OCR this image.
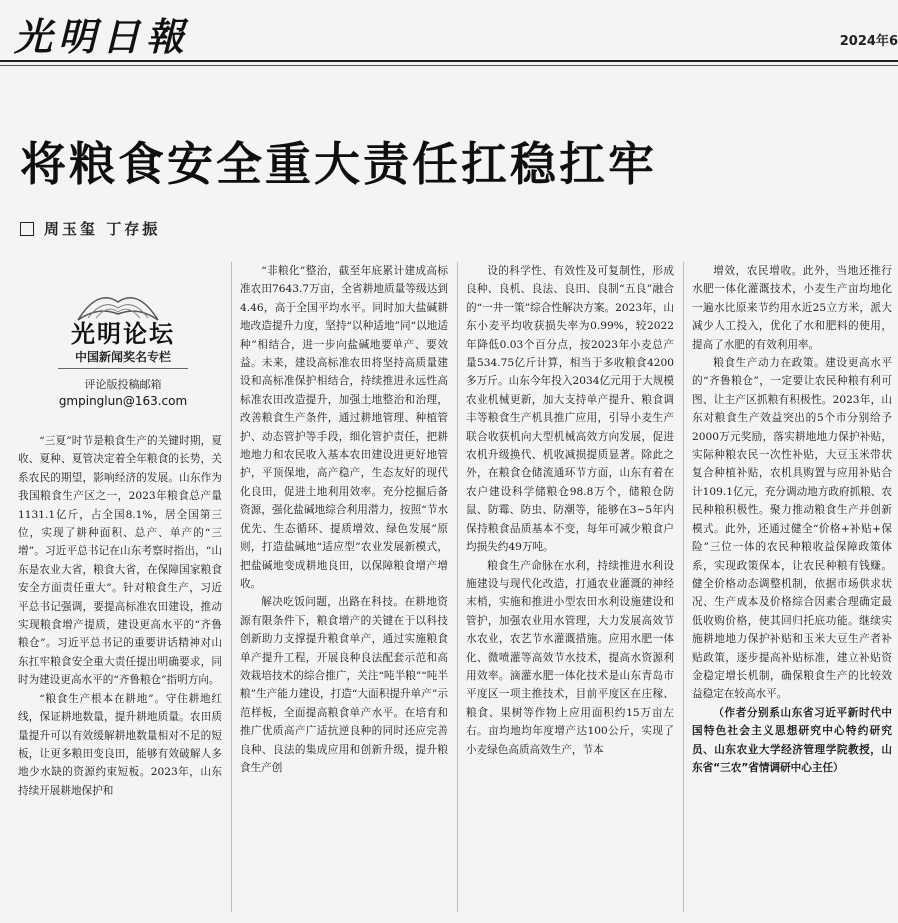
光明日報	2024年6
将粮食安全重大责任扛稳扛牢
周玉玺 丁存振
光明论坛
中国新闻奖名专栏
评论版投稿邮箱
gmpinglun@163.com

“三夏”时节是粮食生产的关键时期，夏收、夏种、夏管决定着全年粮食的长势，关系农民的期望，影响经济的发展。山东作为我国粮食生产区之一，2023年粮食总产量1131.1亿斤，占全国8.1%，居全国第三位，实现了耕种面积、总产、单产的“三增”。习近平总书记在山东考察时指出，“山东是农业大省，粮食大省，在保障国家粮食安全方面责任重大”。针对粮食生产，习近平总书记强调，要提高标准农田建设，推动实现粮食增产提质，建设更高水平的“齐鲁粮仓”。习近平总书记的重要讲话精神对山东扛牢粮食安全重大责任提出明确要求，同时为建设更高水平的“齐鲁粮仓”指明方向。

“粮食生产根本在耕地”。守住耕地红线，保证耕地数量，提升耕地质量。农田质量提升可以有效缓解耕地数量相对不足的短板，让更多粮田变良田，能够有效破解人多地少水缺的资源约束短板。2023年，山东持续开展耕地保护和

“非粮化”整治，截至年底累计建成高标准农田7643.7万亩，全省耕地质量等级达到4.46，高于全国平均水平。同时加大盐碱耕地改造提升力度，坚持“以种适地”同“以地适种”相结合，进一步向盐碱地要单产、要效益。未来，建设高标准农田将坚持高质量建设和高标准保护相结合，持续推进永远性高标准农田改造提升，加强土地整治和治理，改善粮食生产条件，通过耕地管理、种植管护、动态管护等手段，细化管护责任，把耕地地力和农民收入基本农田建设进更好地管护，平顶保地，高产稳产，生态友好的现代化良田，促进土地利用效率。充分挖掘后备资源，强化盐碱地综合利用潜力，按照“节水优先、生态循环、提质增效、绿色发展”原则，打造盐碱地“适应型”农业发展新模式，把盐碱地变成耕地良田，以保障粮食增产增收。

解决吃饭问题，出路在科技。在耕地资源有限条件下，粮食增产的关键在于以科技创新助力支撑提升粮食单产，通过实施粮食单产提升工程，开展良种良法配套示范和高效栽培技术的综合推广，关注“吨半粮”“吨半粮”生产能力建设，打造“大面积提升单产”示范样板，全面提高粮食单产水平。在培育和推广优质高产广适抗逆良种的同时还应完善良种、良法的集成应用和创新升级，提升粮食生产创

设的科学性、有效性及可复制性，形成良种、良机、良法、良田、良制“五良”融合的“一井一策”综合性解决方案。2023年，山东小麦平均收获损失率为0.99%，较2022年降低0.03个百分点，按2023年小麦总产量534.75亿斤计算，相当于多收粮食4200多万斤。山东今年投入2034亿元用于大规模农业机械更新，加大支持单产提升、粮食调丰等粮食生产机具推广应用，引导小麦生产联合收获机向大型机械高效方向发展，促进农机升级换代、机收减损提质显著。除此之外，在粮食仓储流通环节方面，山东有着在农户建设科学储粮仓98.8万个，储粮仓防鼠、防霉、防虫、防潮等，能够在3~5年内保持粮食品质基本不变，每年可减少粮食户均损失约49万吨。

粮食生产命脉在水利，持续推进水利设施建设与现代化改造，打通农业灌溉的神经末梢，实施和推进小型农田水利设施建设和管护，加强农业用水管理，大力发展高效节水农业，农艺节水灌溉措施。应用水肥一体化、微喷灌等高效节水技术，提高水资源利用效率。滴灌水肥一体化技术是山东青岛市平度区一项主推技术，目前平度区在庄稼、粮食、果树等作物上应用面积约15万亩左右。亩均地均年度增产达100公斤，实现了小麦绿色高质高效生产，节本

增效，农民增收。此外，当地还推行水肥一体化灌溉技术，小麦生产亩均地化一遍水比原来节约用水近25立方米，派大减少人工投入，优化了水和肥料的使用，提高了水肥的有效利用率。

粮食生产动力在政策。建设更高水平的“齐鲁粮仓”，一定要让农民种粮有利可图、让主产区抓粮有积极性。2023年，山东对粮食生产效益突出的5个市分别给予2000万元奖励，落实耕地地力保护补贴，实际种粮农民一次性补贴，大豆玉米带状复合种植补贴，农机具购置与应用补贴合计109.1亿元，充分调动地方政府抓粮、农民种粮积极性。聚力推动粮食生产并创新模式。此外，还通过健全“价格+补贴+保险”三位一体的农民种粮收益保障政策体系，实现政策保本，让农民种粮有钱赚。健全价格动态调整机制，依据市场供求状况、生产成本及价格综合因素合理确定最低收购价格，使其回归托底功能。继续实施耕地地力保护补贴和玉米大豆生产者补贴政策，逐步提高补贴标准，建立补贴资金稳定增长机制，确保粮食生产的比较效益稳定在较高水平。

（作者分别系山东省习近平新时代中国特色社会主义思想研究中心特约研究员、山东农业大学经济管理学院教授，山东省“三农”省情调研中心主任）
